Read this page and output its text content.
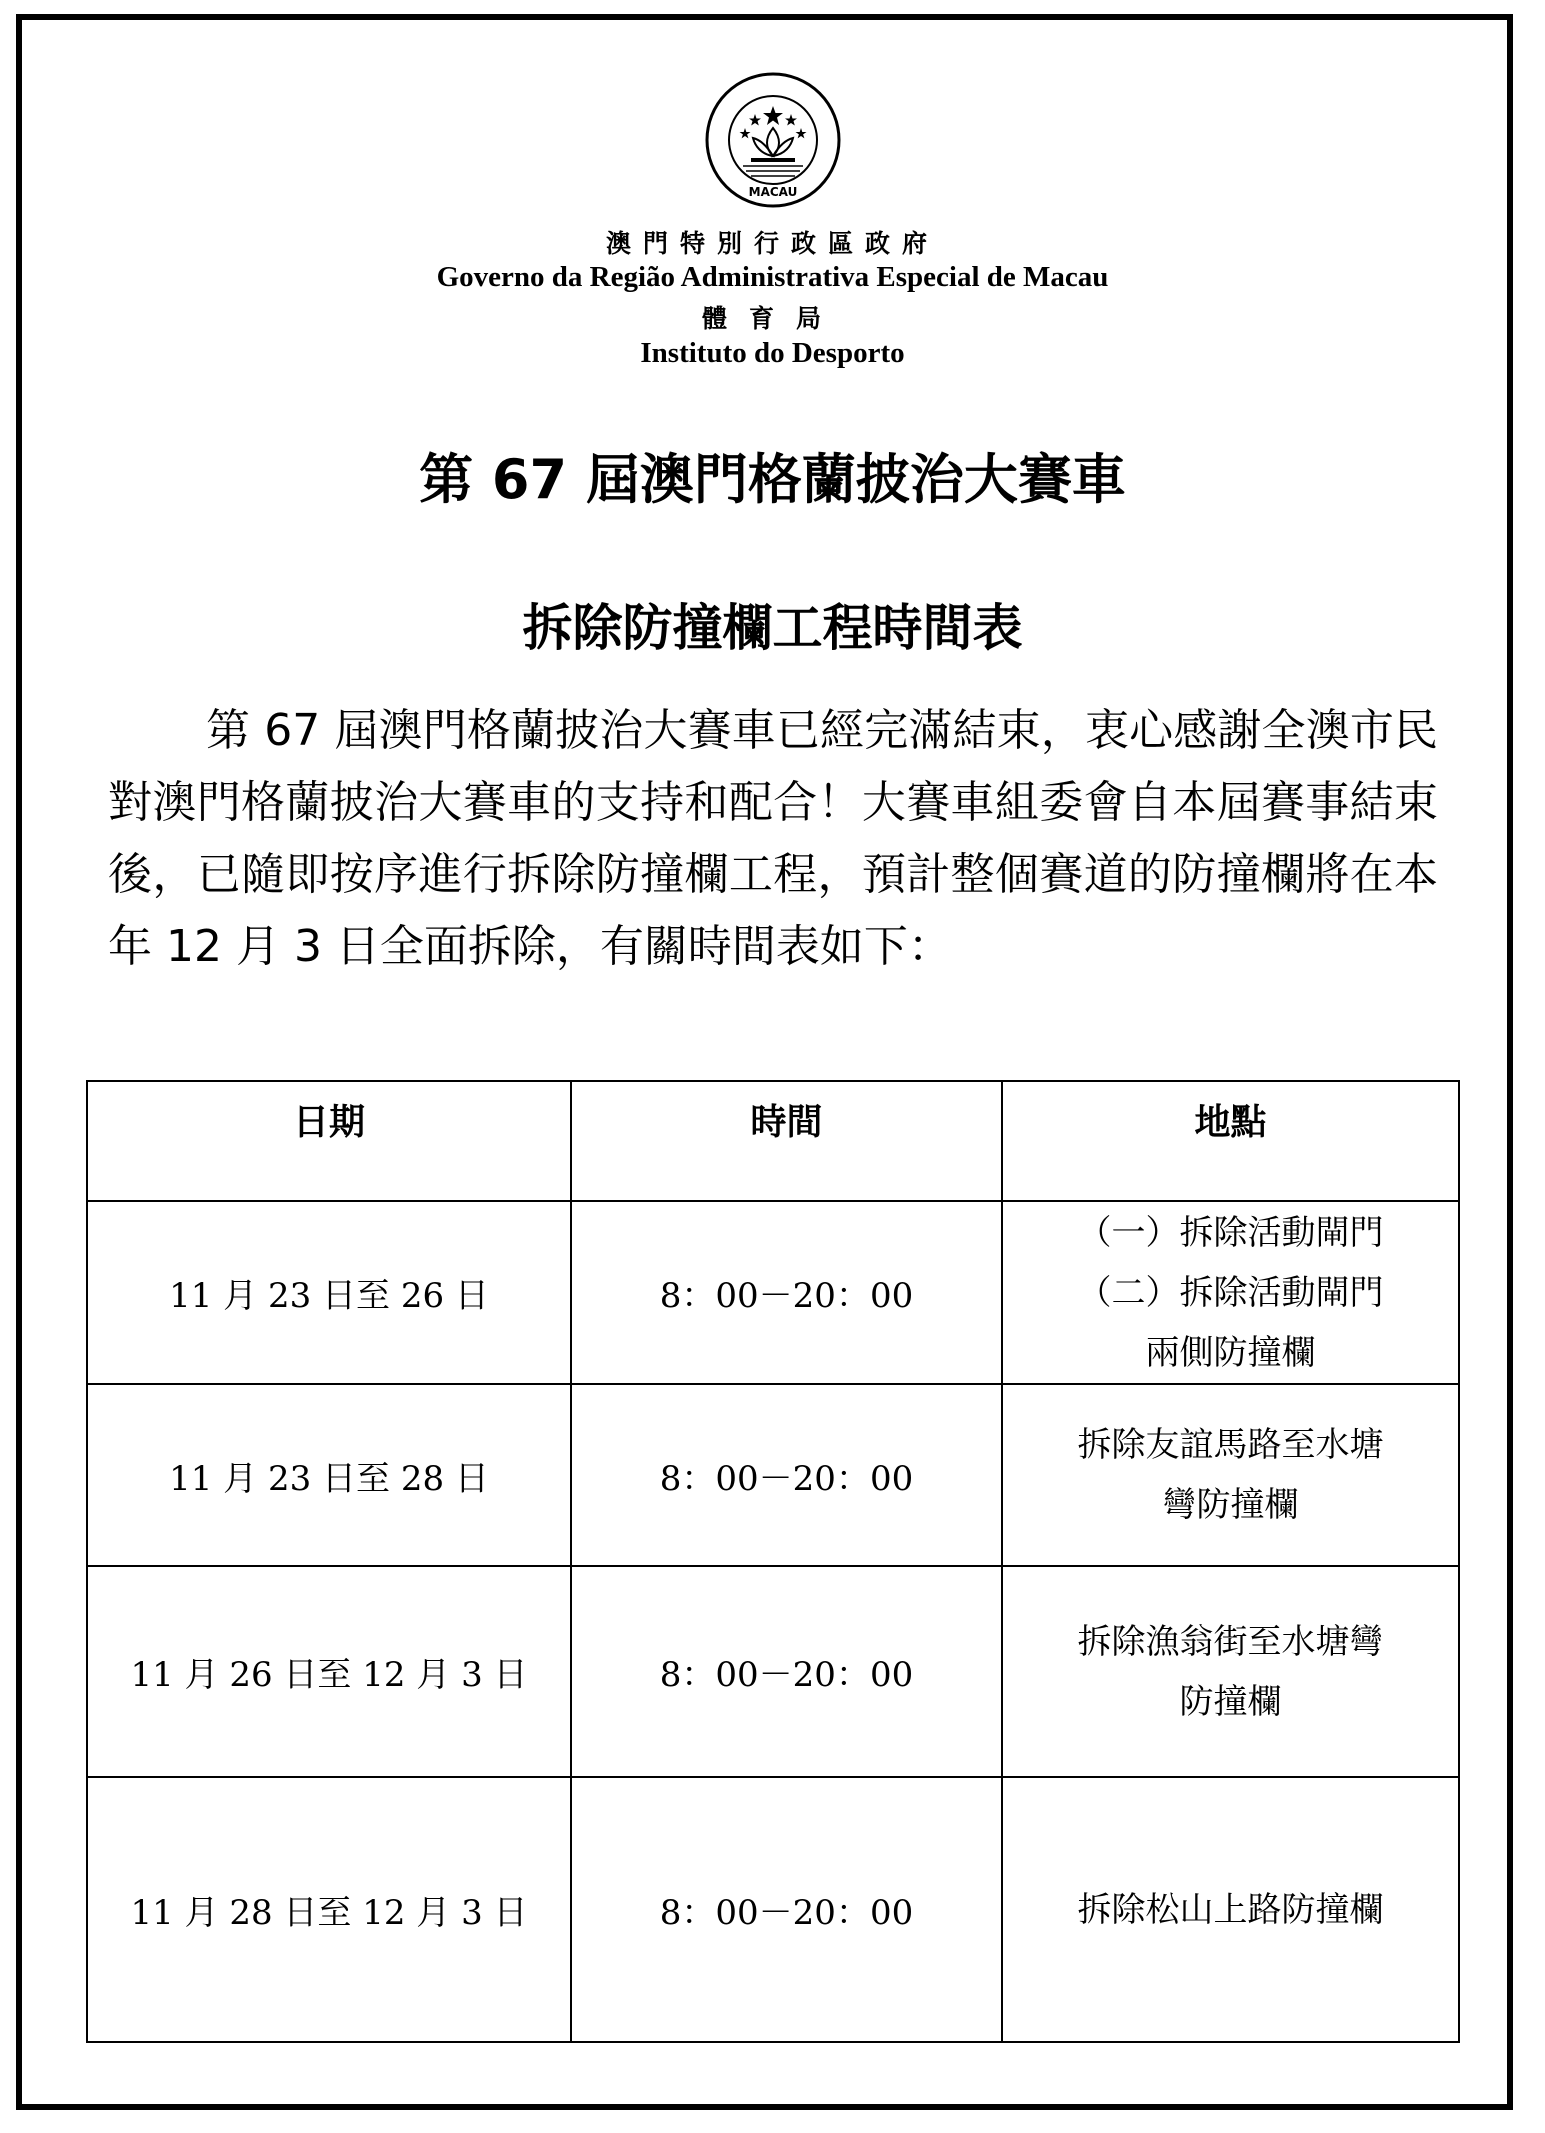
MACAU
澳門特別行政區政府
Governo da Região Administrativa Especial de Macau
體育局
Instituto do Desporto
第 67 屆澳門格蘭披治大賽車
拆除防撞欄工程時間表

第 67 屆澳門格蘭披治大賽車已經完滿結束，衷心感謝全澳市民對澳門格蘭披治大賽車的支持和配合！大賽車組委會自本屆賽事結束後，已隨即按序進行拆除防撞欄工程，預計整個賽道的防撞欄將在本年 12 月 3 日全面拆除，有關時間表如下：

日期	時間	地點
11 月 23 日至 26 日	8：00－20：00	（一）拆除活動閘門
（二）拆除活動閘門
兩側防撞欄

11 月 23 日至 28 日	8：00－20：00	拆除友誼馬路至水塘
彎防撞欄

11 月 26 日至 12 月 3 日	8：00－20：00	拆除漁翁街至水塘彎
防撞欄

11 月 28 日至 12 月 3 日	8：00－20：00	拆除松山上路防撞欄
